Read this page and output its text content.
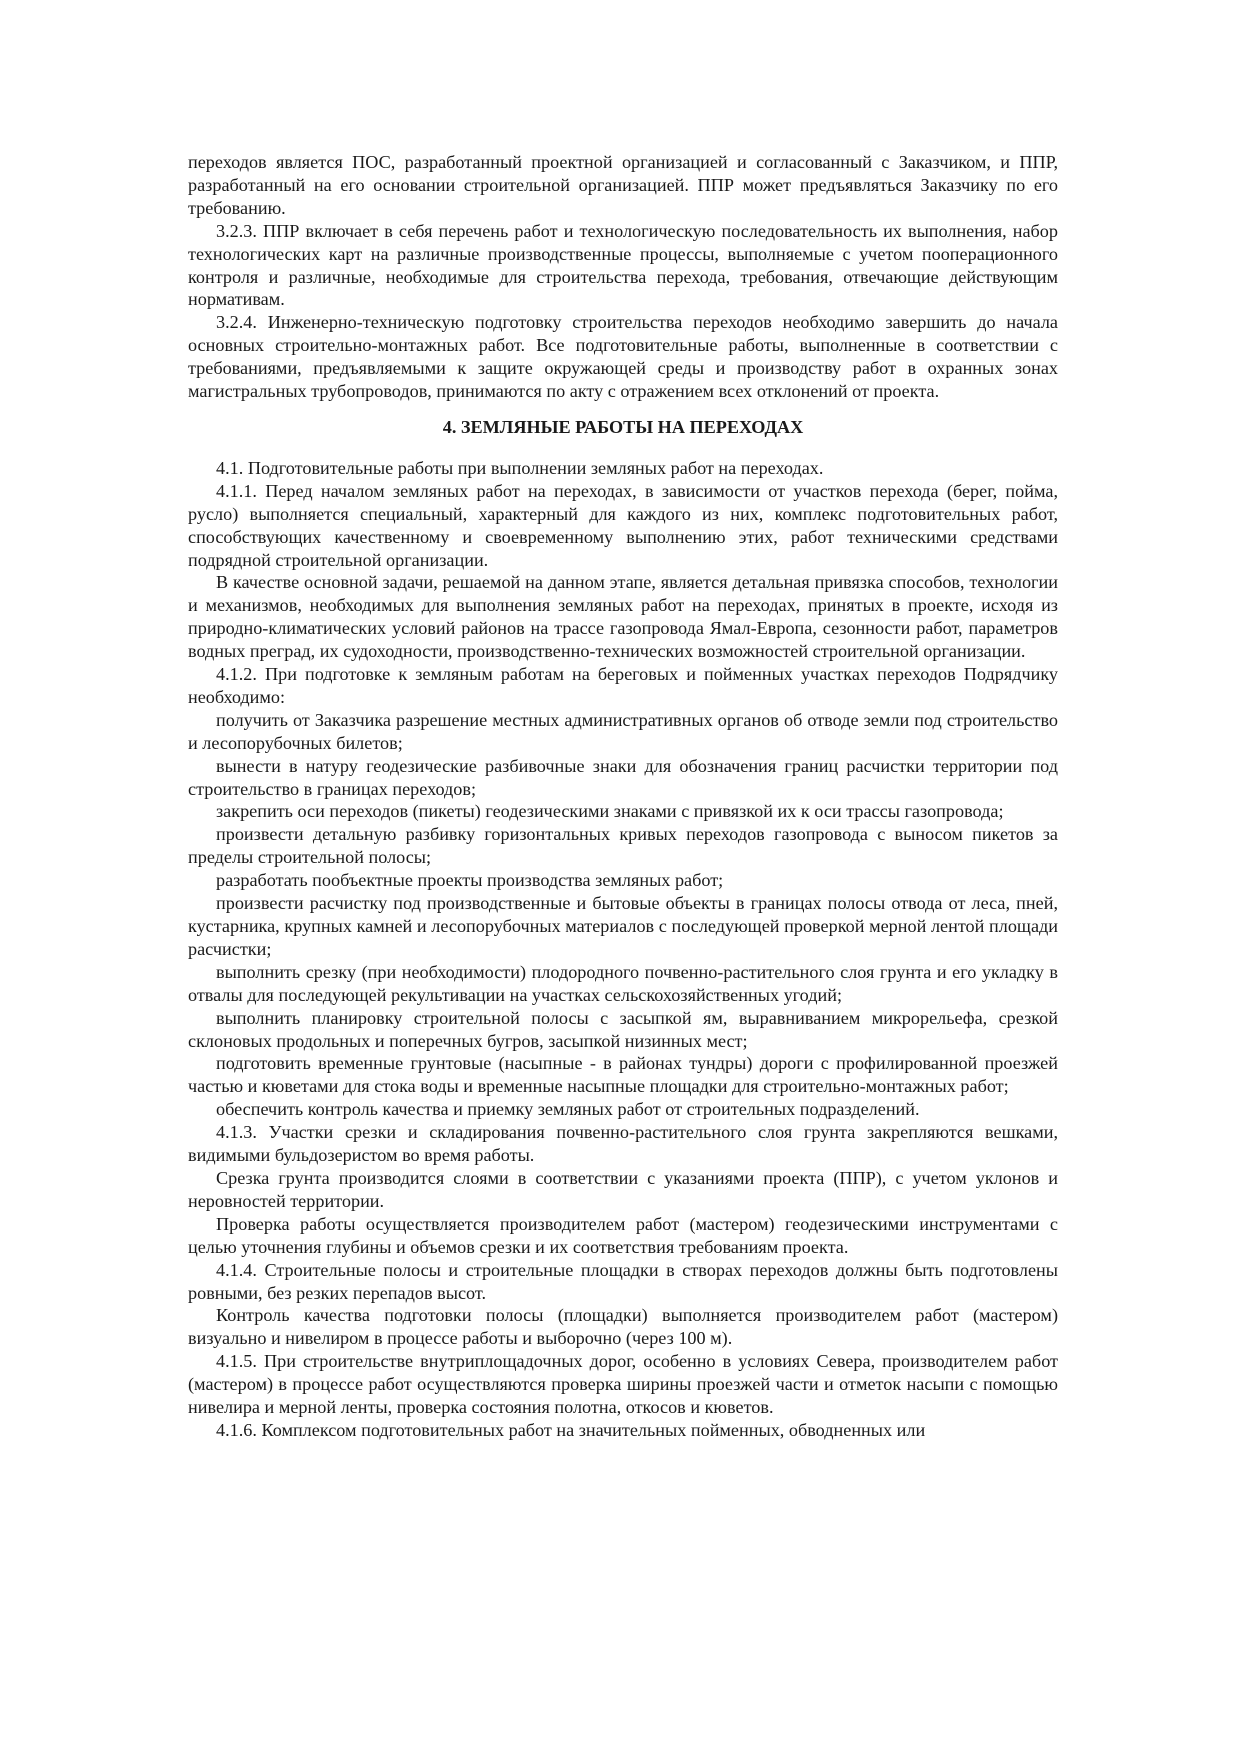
переходов является ПОС, разработанный проектной организацией и согласованный с Заказчиком, и ППР, разработанный на его основании строительной организацией. ППР может предъявляться Заказчику по его требованию.

3.2.3. ППР включает в себя перечень работ и технологическую последовательность их выполнения, набор технологических карт на различные производственные процессы, выполняемые с учетом пооперационного контроля и различные, необходимые для строительства перехода, требования, отвечающие действующим нормативам.

3.2.4. Инженерно-техническую подготовку строительства переходов необходимо завершить до начала основных строительно-монтажных работ. Все подготовительные работы, выполненные в соответствии с требованиями, предъявляемыми к защите окружающей среды и производству работ в охранных зонах магистральных трубопроводов, принимаются по акту с отражением всех отклонений от проекта.

4. ЗЕМЛЯНЫЕ РАБОТЫ НА ПЕРЕХОДАХ

4.1. Подготовительные работы при выполнении земляных работ на переходах.

4.1.1. Перед началом земляных работ на переходах, в зависимости от участков перехода (берег, пойма, русло) выполняется специальный, характерный для каждого из них, комплекс подготовительных работ, способствующих качественному и своевременному выполнению этих, работ техническими средствами подрядной строительной организации.

В качестве основной задачи, решаемой на данном этапе, является детальная привязка способов, технологии и механизмов, необходимых для выполнения земляных работ на переходах, принятых в проекте, исходя из природно-климатических условий районов на трассе газопровода Ямал-Европа, сезонности работ, параметров водных преград, их судоходности, производственно-технических возможностей строительной организации.

4.1.2. При подготовке к земляным работам на береговых и пойменных участках переходов Подрядчику необходимо:

получить от Заказчика разрешение местных административных органов об отводе земли под строительство и лесопорубочных билетов;

вынести в натуру геодезические разбивочные знаки для обозначения границ расчистки территории под строительство в границах переходов;

закрепить оси переходов (пикеты) геодезическими знаками с привязкой их к оси трассы газопровода;

произвести детальную разбивку горизонтальных кривых переходов газопровода с выносом пикетов за пределы строительной полосы;

разработать пообъектные проекты производства земляных работ;

произвести расчистку под производственные и бытовые объекты в границах полосы отвода от леса, пней, кустарника, крупных камней и лесопорубочных материалов с последующей проверкой мерной лентой площади расчистки;

выполнить срезку (при необходимости) плодородного почвенно-растительного слоя грунта и его укладку в отвалы для последующей рекультивации на участках сельскохозяйственных угодий;

выполнить планировку строительной полосы с засыпкой ям, выравниванием микрорельефа, срезкой склоновых продольных и поперечных бугров, засыпкой низинных мест;

подготовить временные грунтовые (насыпные - в районах тундры) дороги с профилированной проезжей частью и кюветами для стока воды и временные насыпные площадки для строительно-монтажных работ;

обеспечить контроль качества и приемку земляных работ от строительных подразделений.

4.1.3. Участки срезки и складирования почвенно-растительного слоя грунта закрепляются вешками, видимыми бульдозеристом во время работы.

Срезка грунта производится слоями в соответствии с указаниями проекта (ППР), с учетом уклонов и неровностей территории.

Проверка работы осуществляется производителем работ (мастером) геодезическими инструментами с целью уточнения глубины и объемов срезки и их соответствия требованиям проекта.

4.1.4. Строительные полосы и строительные площадки в створах переходов должны быть подготовлены ровными, без резких перепадов высот.

Контроль качества подготовки полосы (площадки) выполняется производителем работ (мастером) визуально и нивелиром в процессе работы и выборочно (через 100 м).

4.1.5. При строительстве внутриплощадочных дорог, особенно в условиях Севера, производителем работ (мастером) в процессе работ осуществляются проверка ширины проезжей части и отметок насыпи с помощью нивелира и мерной ленты, проверка состояния полотна, откосов и кюветов.

4.1.6. Комплексом подготовительных работ на значительных пойменных, обводненных или
